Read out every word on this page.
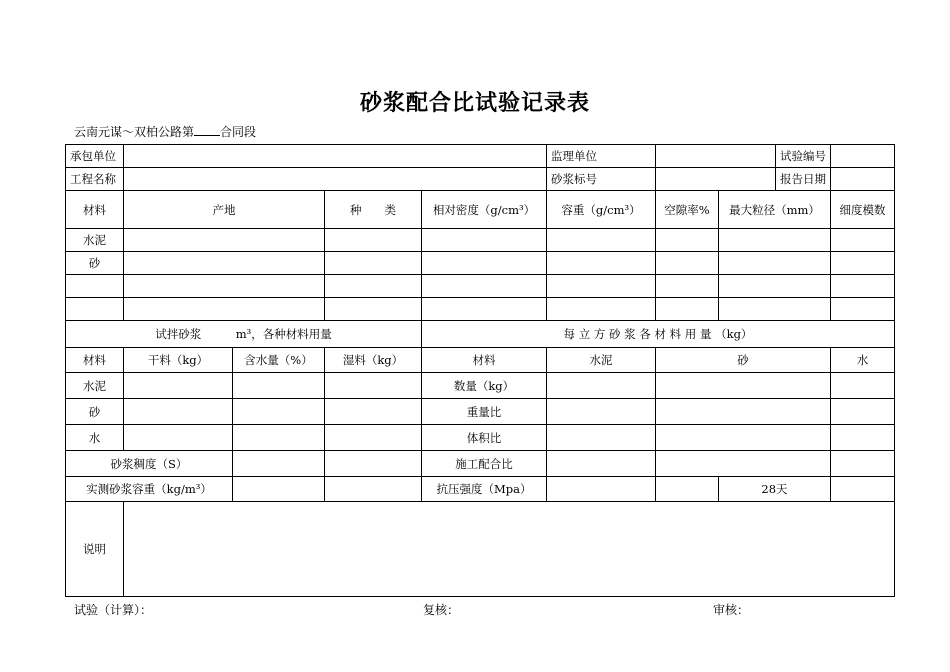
砂浆配合比试验记录表
云南元谋～双柏公路第 合同段
承包单位					监理单位			试验编号	
工程名称					砂浆标号			报告日期	
材料	产地		种　　类	相对密度（g/cm³）	容重（g/cm³）	空隙率%	最大粒径（mm）		细度模数
水泥									
砂									

试拌砂浆　　　m³，各种材料用量				每 立 方 砂 浆 各 材 料 用 量 （kg）					
材料	干料（kg）	含水量（%）	湿料（kg）	材料	水泥	砂			水
水泥				数量（kg）					
砂				重量比					
水				体积比					
砂浆稠度（S）				施工配合比					
实测砂浆容重（kg/m³）				抗压强度（Mpa）			28天		
说明									
试验（计算）：	复核：	审核：
